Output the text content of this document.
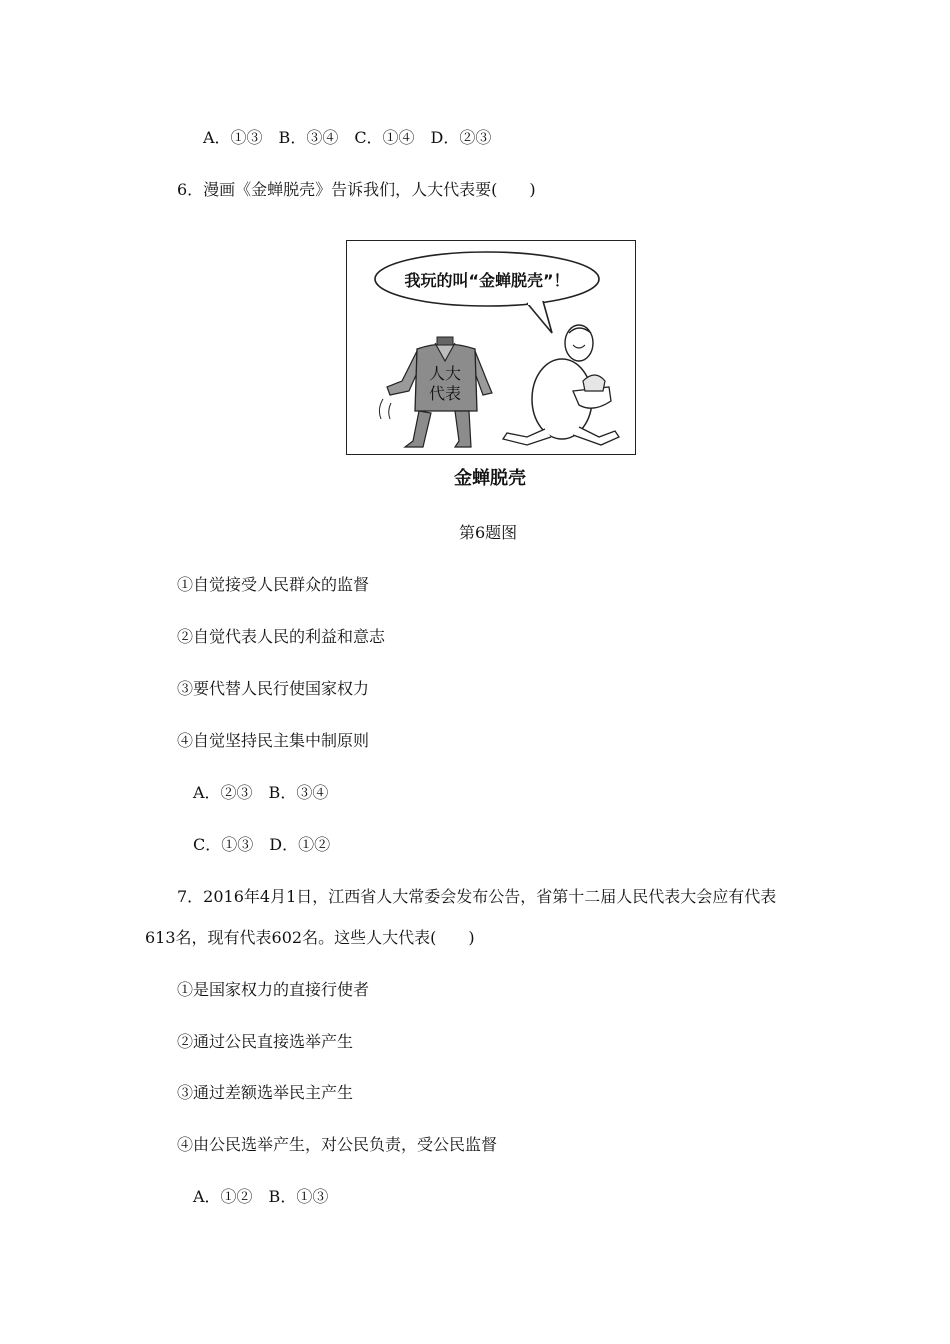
A．①③　B．③④　C．①④　D．②③
6．漫画《金蝉脱壳》告诉我们，人大代表要(　　)
我玩的叫“金蝉脱壳”！
人大
代表
金蝉脱壳
第6题图
①自觉接受人民群众的监督
②自觉代表人民的利益和意志
③要代替人民行使国家权力
④自觉坚持民主集中制原则
A．②③　B．③④
C．①③　D．①②
7．2016年4月1日，江西省人大常委会发布公告，省第十二届人民代表大会应有代表
613名，现有代表602名。这些人大代表(　　)
①是国家权力的直接行使者
②通过公民直接选举产生
③通过差额选举民主产生
④由公民选举产生，对公民负责，受公民监督
A．①②　B．①③
